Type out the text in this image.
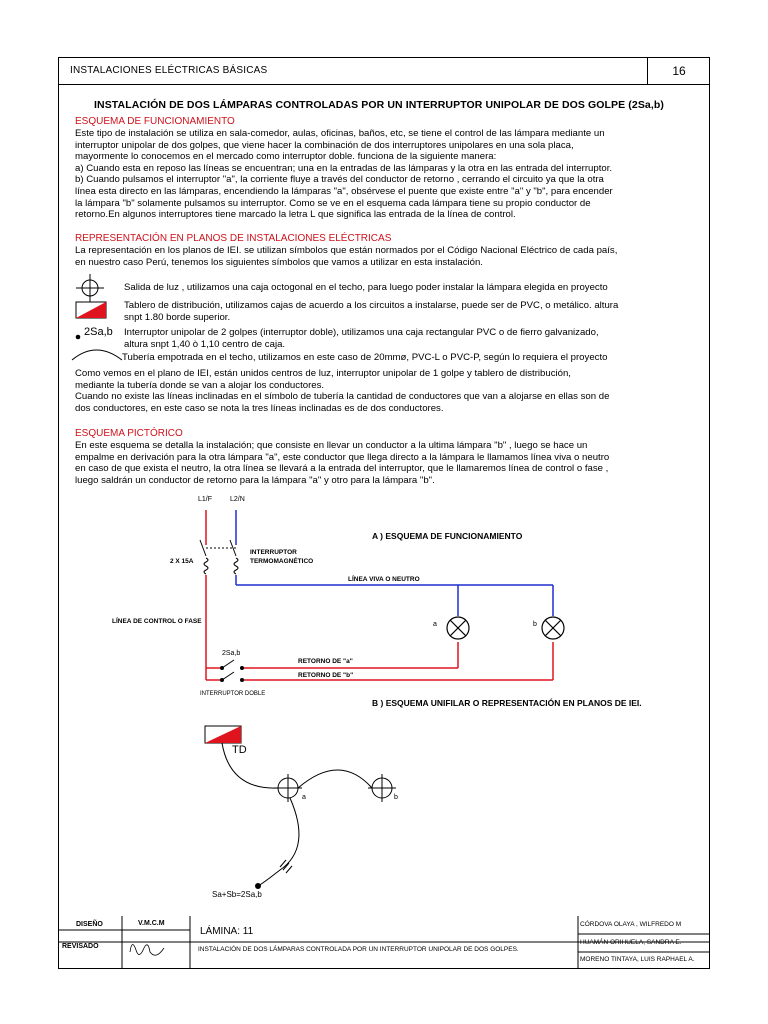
INSTALACIONES ELÉCTRICAS BÁSICAS	16
INSTALACIÓN DE DOS LÁMPARAS CONTROLADAS POR UN INTERRUPTOR UNIPOLAR DE DOS GOLPE (2Sa,b)
ESQUEMA DE FUNCIONAMIENTO
Este tipo de instalación se utiliza en sala-comedor, aulas, oficinas, baños, etc, se tiene el control de las lámpara mediante un
interruptor unipolar de dos golpes, que viene hacer la combinación de dos interruptores unipolares en una sola placa,
mayormente lo conocemos en el mercado como interruptor doble. funciona de la siguiente manera:
a) Cuando esta en reposo las líneas se encuentran; una en la entradas de las lámparas y la otra en las entrada del interruptor.
b) Cuando pulsamos el interruptor "a", la corriente fluye a través del conductor de retorno , cerrando el circuito ya que la otra
línea esta directo en las lámparas, encendiendo la lámparas "a", obsérvese el puente que existe entre "a" y "b", para encender
la lámpara "b" solamente pulsamos su interruptor. Como se ve en el esquema cada lámpara tiene su propio conductor de
retorno.En algunos interruptores tiene marcado la letra L que significa las entrada de la línea de control.
REPRESENTACIÓN EN PLANOS DE INSTALACIONES ELÉCTRICAS
La representación en los planos de IEI. se utilizan símbolos que están normados por el Código Nacional Eléctrico de cada país,
en nuestro caso Perú, tenemos los siguientes símbolos que vamos a utilizar en esta instalación.
Salida de luz , utilizamos una caja octogonal en el techo, para luego poder instalar la lámpara elegida en proyecto
Tablero de distribución, utilizamos cajas de acuerdo a los circuitos a instalarse, puede ser de PVC, o metálico. altura
snpt 1.80 borde superior.
Interruptor unipolar de 2 golpes (interruptor doble), utilizamos una caja rectangular PVC o de fierro galvanizado,
altura snpt 1,40 ò 1,10 centro de caja.
Tubería empotrada en el techo, utilizamos en este caso de 20mmø, PVC-L o PVC-P, según lo requiera el proyecto
2Sa,b
Como vemos en el plano de IEI, están unidos centros de luz, interruptor unipolar de 1 golpe y tablero de distribución,
mediante la tubería donde se van a alojar los conductores.
Cuando no existe las líneas inclinadas en el símbolo de tubería la cantidad de conductores que van a alojarse en ellas son de
dos conductores, en este caso se nota la tres líneas inclinadas es de dos conductores.
ESQUEMA PICTÓRICO
En este esquema se detalla la instalación; que consiste en llevar un conductor a la ultima lámpara "b" , luego se hace un
empalme en derivación para la otra lámpara "a", este conductor que llega directo a la lámpara le llamamos línea viva o neutro
en caso de que exista el neutro, la otra línea se llevará a la entrada del interruptor, que le llamaremos línea de control o fase ,
luego saldrán un conductor de retorno para la lámpara "a" y otro para la lámpara "b".
A ) ESQUEMA DE FUNCIONAMIENTO
L1/F	L2/N
2 X 15A
INTERRUPTOR
TERMOMAGNÉTICO
LÍNEA VIVA O NEUTRO
LÍNEA DE CONTROL O FASE
2Sa,b
INTERRUPTOR DOBLE
RETORNO DE "a"
RETORNO DE "b"
a	b
B ) ESQUEMA UNIFILAR O REPRESENTACIÓN EN PLANOS DE IEI.
TD
a	b
Sa+Sb=2Sa,b
DISEÑO	V.M.C.M
REVISADO
LÁMINA: 11
INSTALACIÓN DE DOS LÁMPARAS CONTROLADA POR UN INTERRUPTOR UNIPOLAR DE DOS GOLPES.
CÓRDOVA OLAYA , WILFREDO M
HUAMÁN ORIHUELA, SANDRA E.
MORENO TINTAYA, LUIS RAPHAEL A.
